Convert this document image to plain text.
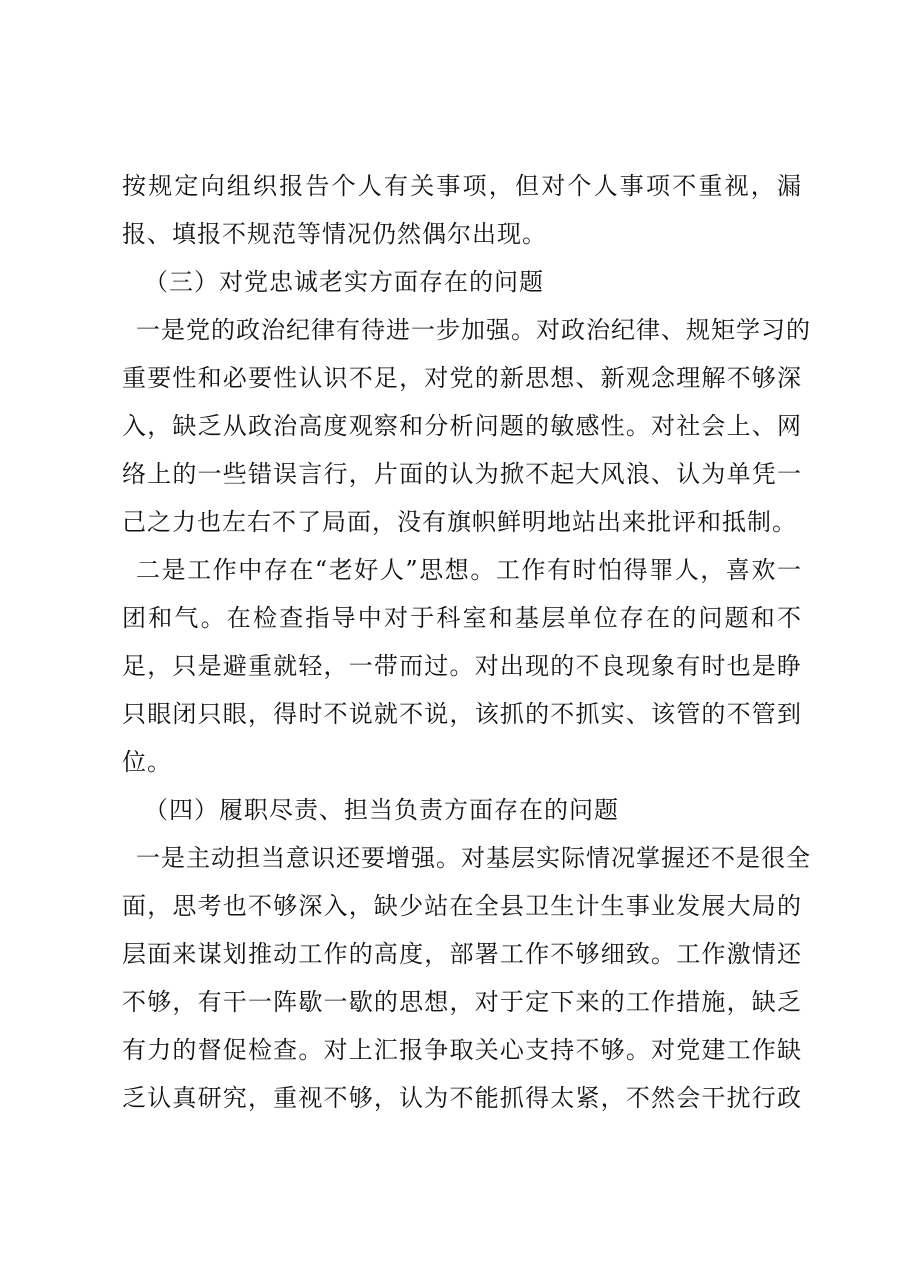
按规定向组织报告个人有关事项，但对个人事项不重视，漏
报、填报不规范等情况仍然偶尔出现。
（三）对党忠诚老实方面存在的问题
一是党的政治纪律有待进一步加强。对政治纪律、规矩学习的
重要性和必要性认识不足，对党的新思想、新观念理解不够深
入，缺乏从政治高度观察和分析问题的敏感性。对社会上、网
络上的一些错误言行，片面的认为掀不起大风浪、认为单凭一
己之力也左右不了局面，没有旗帜鲜明地站出来批评和抵制。
二是工作中存在“老好人”思想。工作有时怕得罪人，喜欢一
团和气。在检查指导中对于科室和基层单位存在的问题和不
足，只是避重就轻，一带而过。对出现的不良现象有时也是睁
只眼闭只眼，得时不说就不说，该抓的不抓实、该管的不管到
位。
（四）履职尽责、担当负责方面存在的问题
一是主动担当意识还要增强。对基层实际情况掌握还不是很全
面，思考也不够深入，缺少站在全县卫生计生事业发展大局的
层面来谋划推动工作的高度，部署工作不够细致。工作激情还
不够，有干一阵歇一歇的思想，对于定下来的工作措施，缺乏
有力的督促检查。对上汇报争取关心支持不够。对党建工作缺
乏认真研究，重视不够，认为不能抓得太紧，不然会干扰行政
